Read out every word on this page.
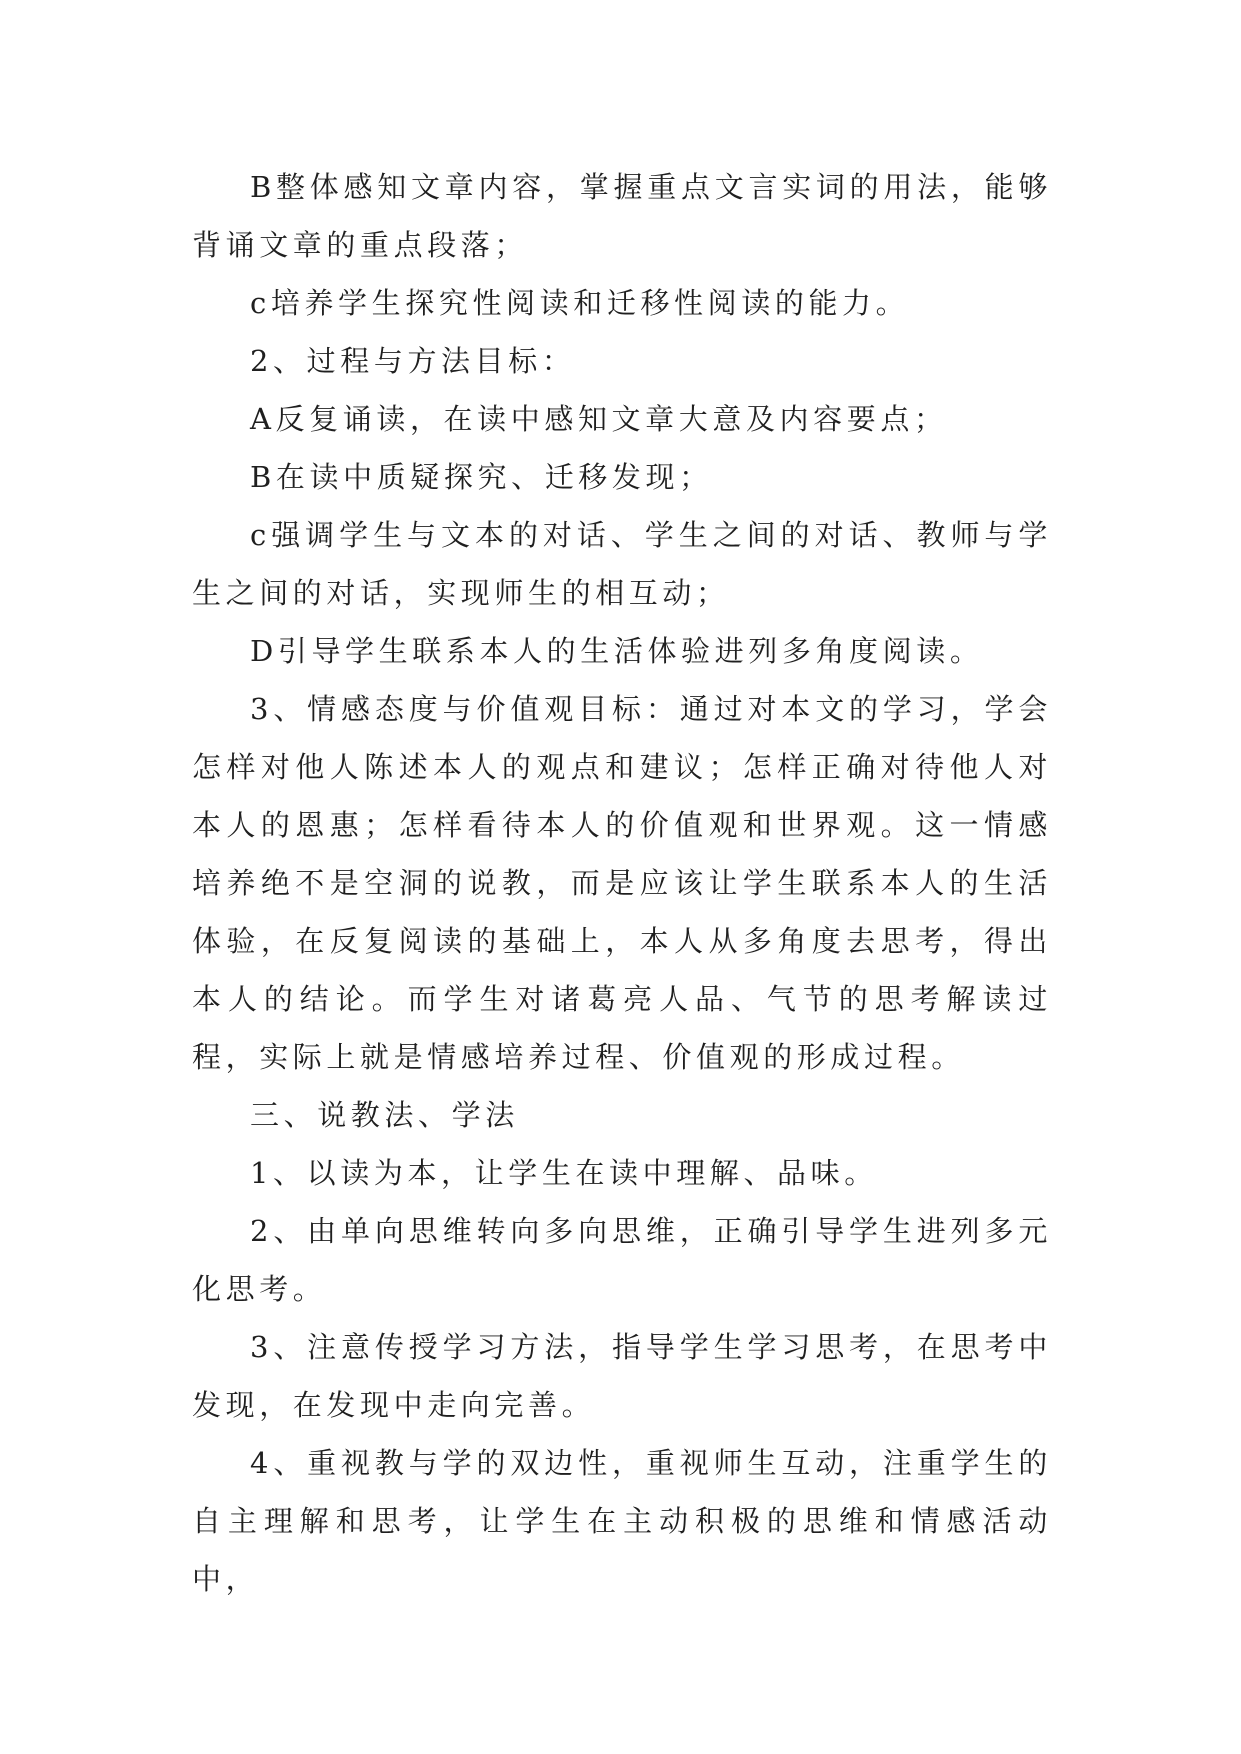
B整体感知文章内容，掌握重点文言实词的用法，能够背诵文章的重点段落；

c培养学生探究性阅读和迁移性阅读的能力。

2、过程与方法目标：

A反复诵读，在读中感知文章大意及内容要点；

B在读中质疑探究、迁移发现；

c强调学生与文本的对话、学生之间的对话、教师与学生之间的对话，实现师生的相互动；

D引导学生联系本人的生活体验进列多角度阅读。

3、情感态度与价值观目标：通过对本文的学习，学会怎样对他人陈述本人的观点和建议；怎样正确对待他人对本人的恩惠；怎样看待本人的价值观和世界观。这一情感培养绝不是空洞的说教，而是应该让学生联系本人的生活体验，在反复阅读的基础上，本人从多角度去思考，得出本人的结论。而学生对诸葛亮人品、气节的思考解读过程，实际上就是情感培养过程、价值观的形成过程。

三、说教法、学法

1、以读为本，让学生在读中理解、品味。

2、由单向思维转向多向思维，正确引导学生进列多元化思考。

3、注意传授学习方法，指导学生学习思考，在思考中发现，在发现中走向完善。

4、重视教与学的双边性，重视师生互动，注重学生的自主理解和思考，让学生在主动积极的思维和情感活动中，
